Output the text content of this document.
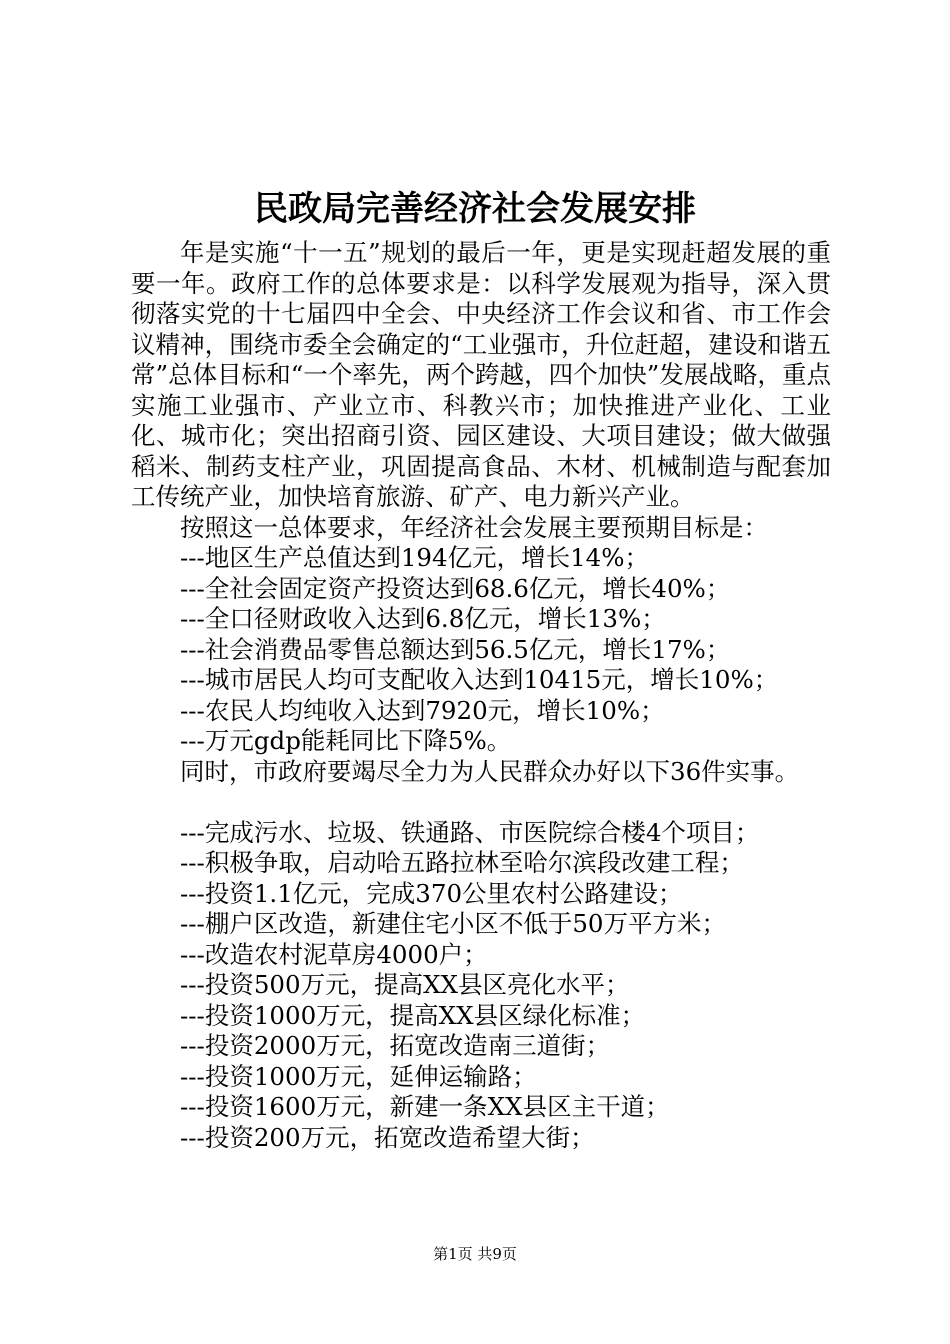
民政局完善经济社会发展安排

年是实施“十一五”规划的最后一年，更是实现赶超发展的重要一年。政府工作的总体要求是：以科学发展观为指导，深入贯彻落实党的十七届四中全会、中央经济工作会议和省、市工作会议精神，围绕市委全会确定的“工业强市，升位赶超，建设和谐五常”总体目标和“一个率先，两个跨越，四个加快”发展战略，重点实施工业强市、产业立市、科教兴市；加快推进产业化、工业化、城市化；突出招商引资、园区建设、大项目建设；做大做强稻米、制药支柱产业，巩固提高食品、木材、机械制造与配套加工传统产业，加快培育旅游、矿产、电力新兴产业。

按照这一总体要求，年经济社会发展主要预期目标是：

---地区生产总值达到194亿元，增长14%；

---全社会固定资产投资达到68.6亿元，增长40%；

---全口径财政收入达到6.8亿元，增长13%；

---社会消费品零售总额达到56.5亿元，增长17%；

---城市居民人均可支配收入达到10415元，增长10%；

---农民人均纯收入达到7920元，增长10%；

---万元gdp能耗同比下降5%。

同时，市政府要竭尽全力为人民群众办好以下36件实事。

---完成污水、垃圾、铁通路、市医院综合楼4个项目；

---积极争取，启动哈五路拉林至哈尔滨段改建工程；

---投资1.1亿元，完成370公里农村公路建设；

---棚户区改造，新建住宅小区不低于50万平方米；

---改造农村泥草房4000户；

---投资500万元，提高XX县区亮化水平；

---投资1000万元，提高XX县区绿化标准；

---投资2000万元，拓宽改造南三道街；

---投资1000万元，延伸运输路；

---投资1600万元，新建一条XX县区主干道；

---投资200万元，拓宽改造希望大街；

第1页 共9页
